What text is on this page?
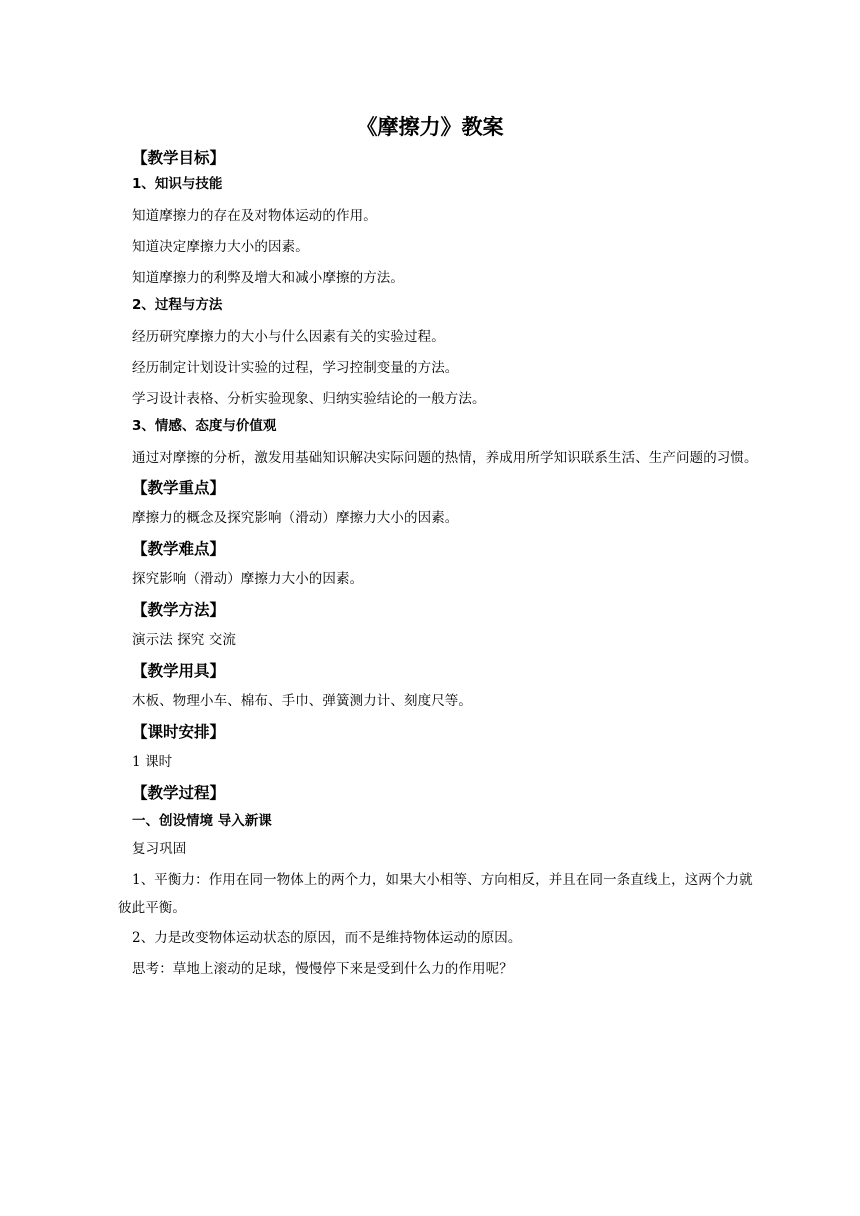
《摩擦力》教案
【教学目标】
1、知识与技能

知道摩擦力的存在及对物体运动的作用。

知道决定摩擦力大小的因素。

知道摩擦力的利弊及增大和减小摩擦的方法。

2、过程与方法

经历研究摩擦力的大小与什么因素有关的实验过程。

经历制定计划设计实验的过程，学习控制变量的方法。

学习设计表格、分析实验现象、归纳实验结论的一般方法。

3、情感、态度与价值观

通过对摩擦的分析，激发用基础知识解决实际问题的热情，养成用所学知识联系生活、生产问题的习惯。

【教学重点】

摩擦力的概念及探究影响（滑动）摩擦力大小的因素。

【教学难点】

探究影响（滑动）摩擦力大小的因素。

【教学方法】

演示法 探究 交流

【教学用具】

木板、物理小车、棉布、手巾、弹簧测力计、刻度尺等。

【课时安排】

1 课时

【教学过程】
一、创设情境 导入新课

复习巩固

1、平衡力：作用在同一物体上的两个力，如果大小相等、方向相反，并且在同一条直线上，这两个力就彼此平衡。

2、力是改变物体运动状态的原因，而不是维持物体运动的原因。

思考：草地上滚动的足球，慢慢停下来是受到什么力的作用呢？
